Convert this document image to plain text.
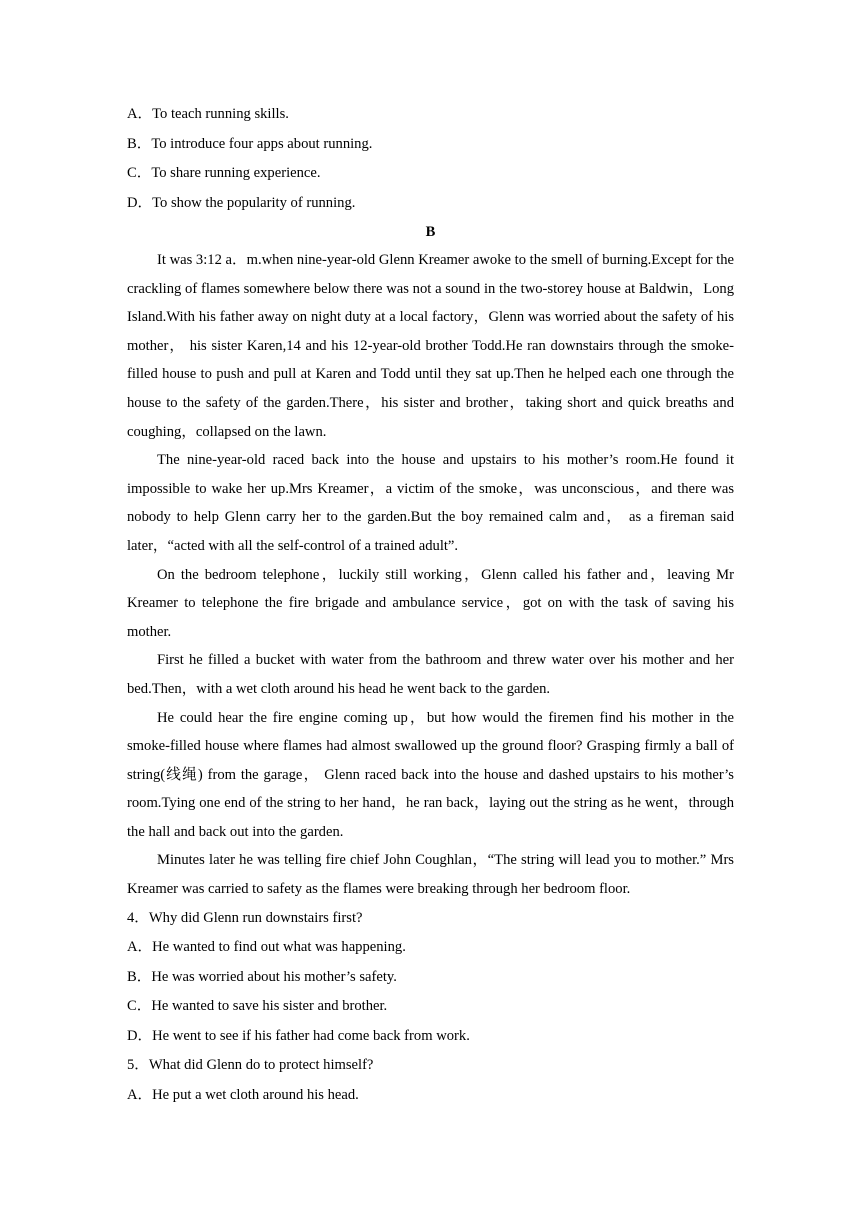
A．To teach running skills.
B．To introduce four apps about running.
C．To share running experience.
D．To show the popularity of running.
B

It was 3:12 a．m.when nine-year-old Glenn Kreamer awoke to the smell of burning.Except for the crackling of flames somewhere below there was not a sound in the two-storey house at Baldwin，Long Island.With his father away on night duty at a local factory，Glenn was worried about the safety of his mother， his sister Karen,14 and his 12-year-old brother Todd.He ran downstairs through the smoke-filled house to push and pull at Karen and Todd until they sat up.Then he helped each one through the house to the safety of the garden.There，his sister and brother，taking short and quick breaths and coughing，collapsed on the lawn.

The nine-year-old raced back into the house and upstairs to his mother’s room.He found it impossible to wake her up.Mrs Kreamer，a victim of the smoke，was unconscious，and there was nobody to help Glenn carry her to the garden.But the boy remained calm and， as a fireman said later，“acted with all the self-control of a trained adult”.

On the bedroom telephone，luckily still working，Glenn called his father and，leaving Mr Kreamer to telephone the fire brigade and ambulance service，got on with the task of saving his mother.

First he filled a bucket with water from the bathroom and threw water over his mother and her bed.Then，with a wet cloth around his head he went back to the garden.

He could hear the fire engine coming up，but how would the firemen find his mother in the smoke-filled house where flames had almost swallowed up the ground floor? Grasping firmly a ball of string(线绳) from the garage， Glenn raced back into the house and dashed upstairs to his mother’s room.Tying one end of the string to her hand，he ran back，laying out the string as he went，through the hall and back out into the garden.

Minutes later he was telling fire chief John Coughlan，“The string will lead you to mother.” Mrs Kreamer was carried to safety as the flames were breaking through her bedroom floor.

4．Why did Glenn run downstairs first?
A．He wanted to find out what was happening.
B．He was worried about his mother’s safety.
C．He wanted to save his sister and brother.
D．He went to see if his father had come back from work.
5．What did Glenn do to protect himself?
A．He put a wet cloth around his head.
